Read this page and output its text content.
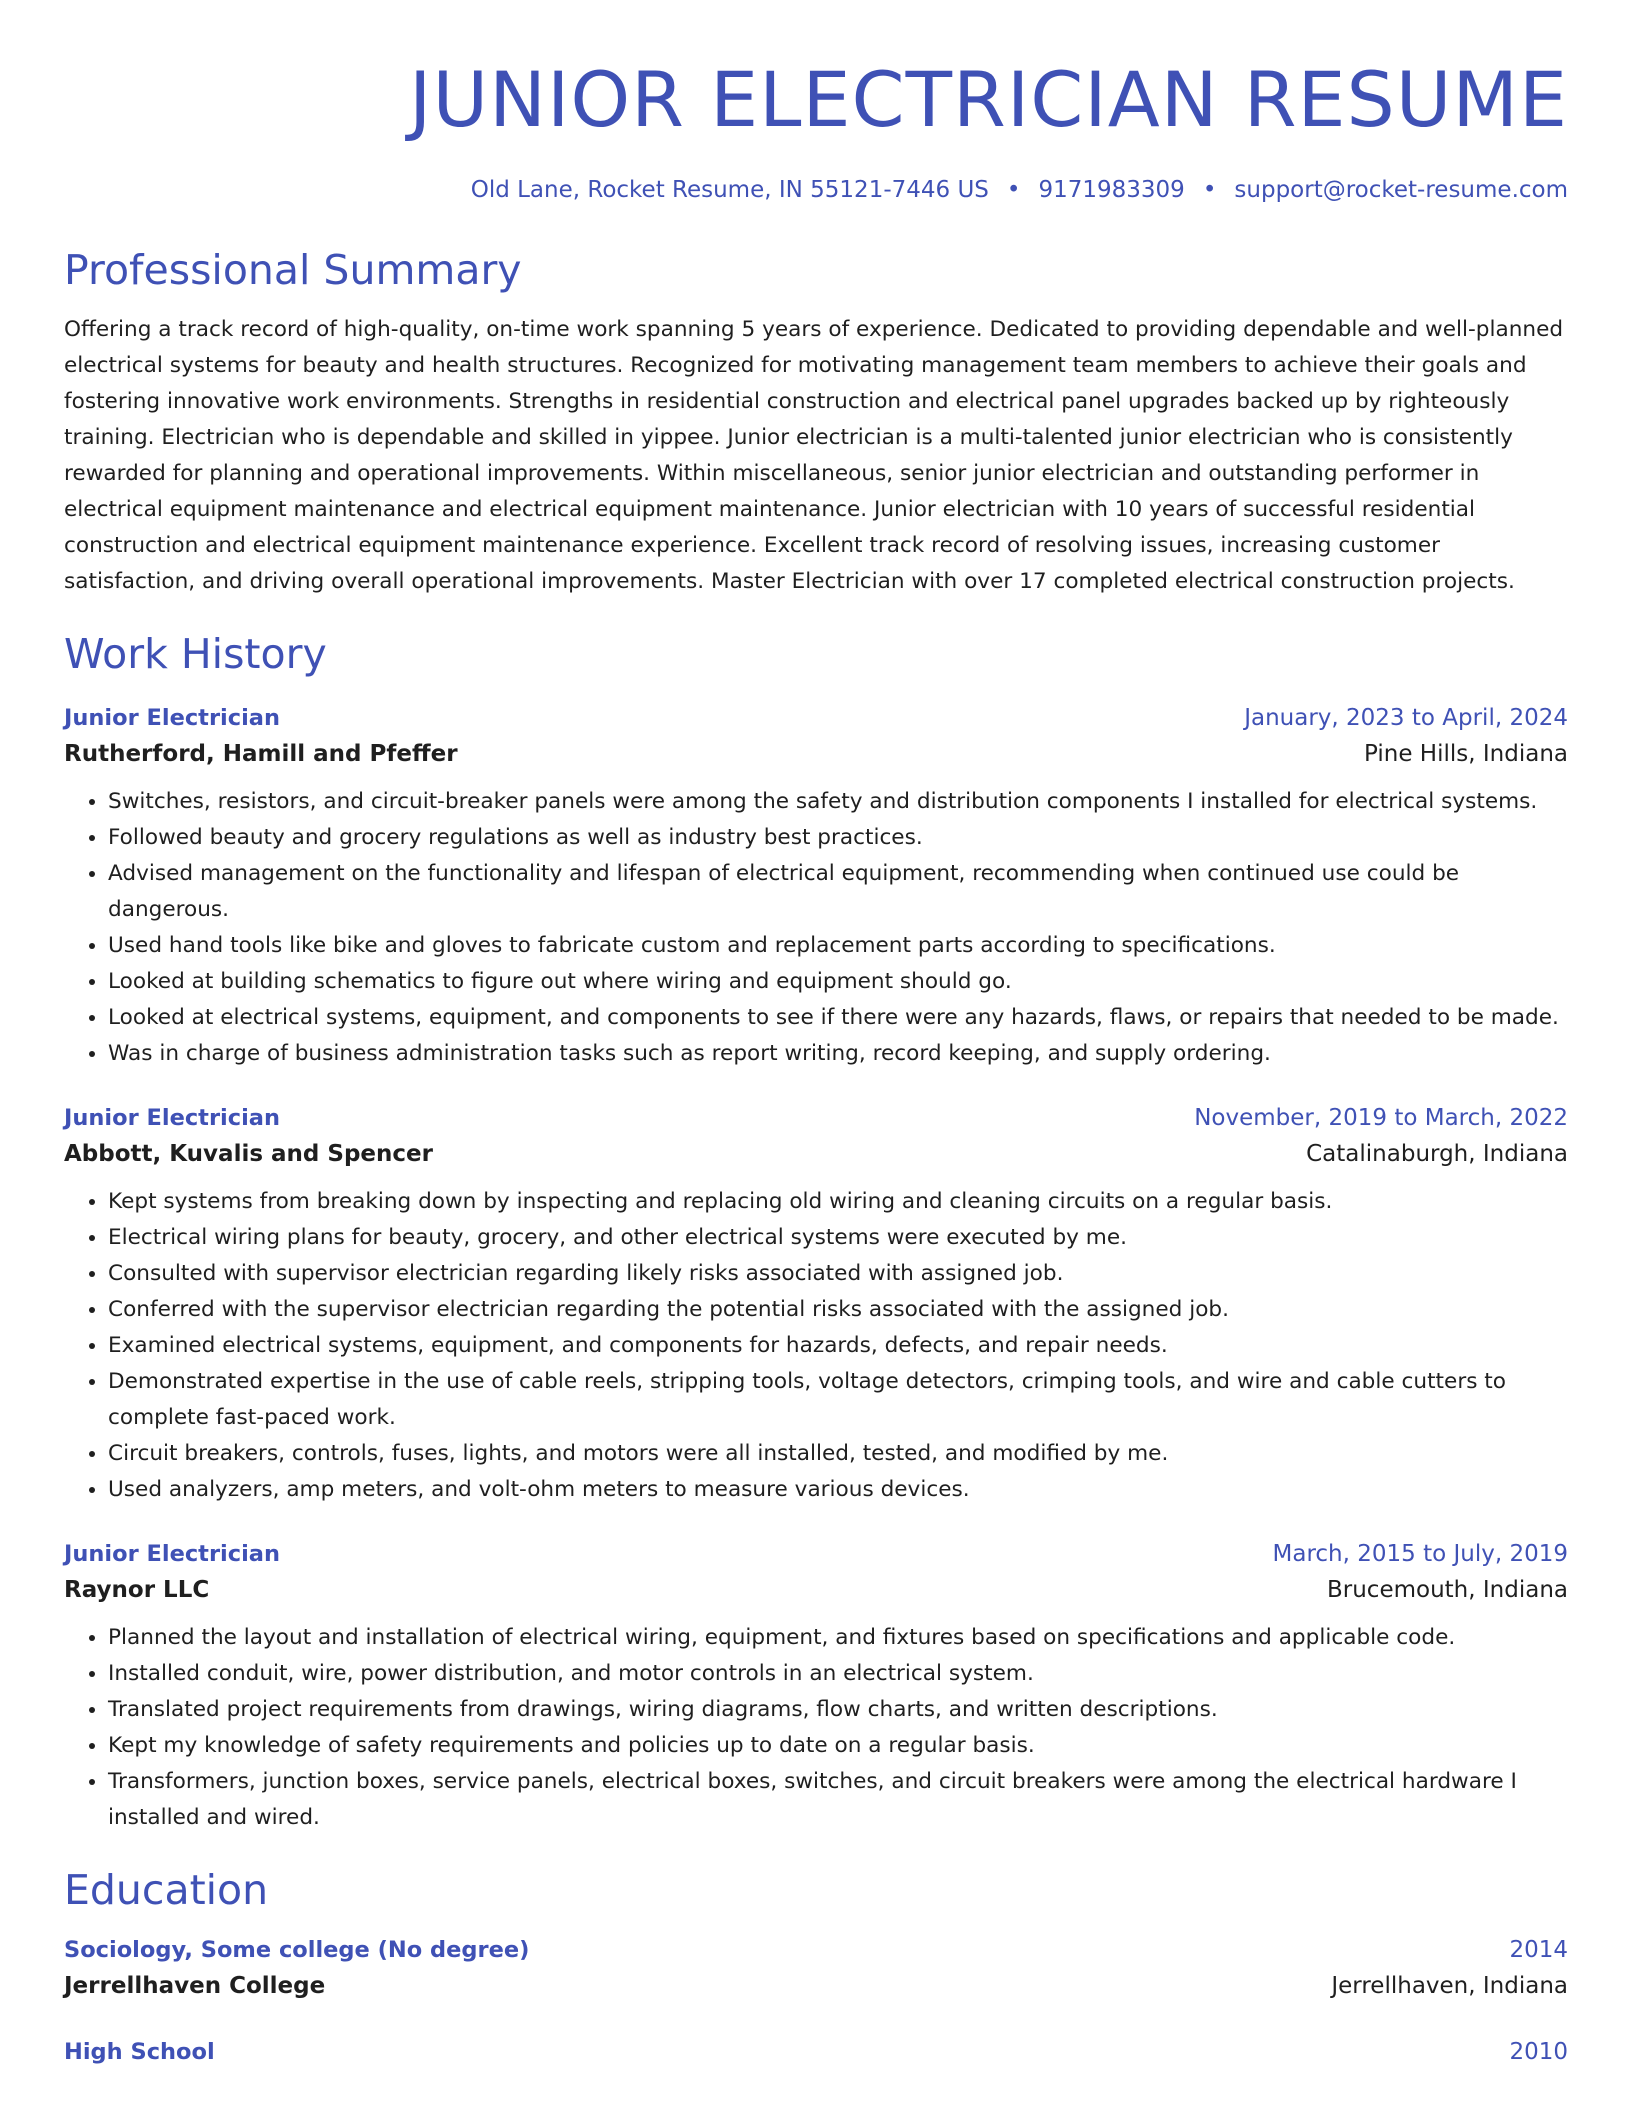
JUNIOR ELECTRICIAN RESUME
Old Lane, Rocket Resume, IN 55121-7446 US • 9171983309 • support@rocket-resume.com
Professional Summary
Offering a track record of high-quality, on-time work spanning 5 years of experience. Dedicated to providing dependable and well-planned electrical systems for beauty and health structures. Recognized for motivating management team members to achieve their goals and fostering innovative work environments. Strengths in residential construction and electrical panel upgrades backed up by righteously training. Electrician who is dependable and skilled in yippee. Junior electrician is a multi-talented junior electrician who is consistently rewarded for planning and operational improvements. Within miscellaneous, senior junior electrician and outstanding performer in electrical equipment maintenance and electrical equipment maintenance. Junior electrician with 10 years of successful residential construction and electrical equipment maintenance experience. Excellent track record of resolving issues, increasing customer satisfaction, and driving overall operational improvements. Master Electrician with over 17 completed electrical construction projects.
Work History
Junior Electrician	January, 2023 to April, 2024
Rutherford, Hamill and Pfeffer	Pine Hills, Indiana
• Switches, resistors, and circuit-breaker panels were among the safety and distribution components I installed for electrical systems.
• Followed beauty and grocery regulations as well as industry best practices.
• Advised management on the functionality and lifespan of electrical equipment, recommending when continued use could be dangerous.
• Used hand tools like bike and gloves to fabricate custom and replacement parts according to specifications.
• Looked at building schematics to figure out where wiring and equipment should go.
• Looked at electrical systems, equipment, and components to see if there were any hazards, flaws, or repairs that needed to be made.
• Was in charge of business administration tasks such as report writing, record keeping, and supply ordering.
Junior Electrician	November, 2019 to March, 2022
Abbott, Kuvalis and Spencer	Catalinaburgh, Indiana
• Kept systems from breaking down by inspecting and replacing old wiring and cleaning circuits on a regular basis.
• Electrical wiring plans for beauty, grocery, and other electrical systems were executed by me.
• Consulted with supervisor electrician regarding likely risks associated with assigned job.
• Conferred with the supervisor electrician regarding the potential risks associated with the assigned job.
• Examined electrical systems, equipment, and components for hazards, defects, and repair needs.
• Demonstrated expertise in the use of cable reels, stripping tools, voltage detectors, crimping tools, and wire and cable cutters to complete fast-paced work.
• Circuit breakers, controls, fuses, lights, and motors were all installed, tested, and modified by me.
• Used analyzers, amp meters, and volt-ohm meters to measure various devices.
Junior Electrician	March, 2015 to July, 2019
Raynor LLC	Brucemouth, Indiana
• Planned the layout and installation of electrical wiring, equipment, and fixtures based on specifications and applicable code.
• Installed conduit, wire, power distribution, and motor controls in an electrical system.
• Translated project requirements from drawings, wiring diagrams, flow charts, and written descriptions.
• Kept my knowledge of safety requirements and policies up to date on a regular basis.
• Transformers, junction boxes, service panels, electrical boxes, switches, and circuit breakers were among the electrical hardware I installed and wired.
Education
Sociology, Some college (No degree)	2014
Jerrellhaven College	Jerrellhaven, Indiana
High School	2010
